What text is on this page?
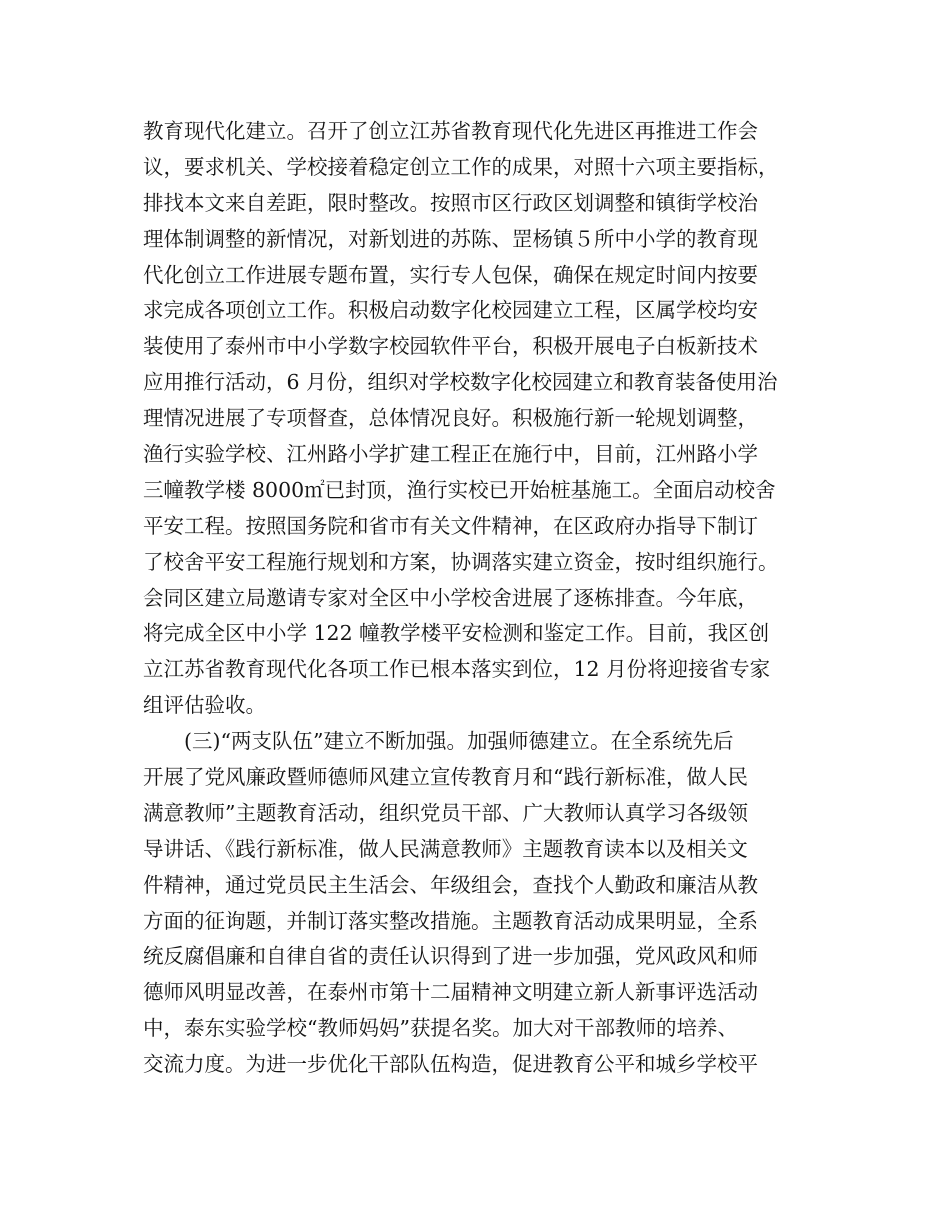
教育现代化建立。召开了创立江苏省教育现代化先进区再推进工作会
议，要求机关、学校接着稳定创立工作的成果，对照十六项主要指标，
排找本文来自差距，限时整改。按照市区行政区划调整和镇街学校治
理体制调整的新情况，对新划进的苏陈、罡杨镇５所中小学的教育现
代化创立工作进展专题布置，实行专人包保，确保在规定时间内按要
求完成各项创立工作。积极启动数字化校园建立工程，区属学校均安
装使用了泰州市中小学数字校园软件平台，积极开展电子白板新技术
应用推行活动，6 月份，组织对学校数字化校园建立和教育装备使用治
理情况进展了专项督查，总体情况良好。积极施行新一轮规划调整，
渔行实验学校、江州路小学扩建工程正在施行中，目前，江州路小学
三幢教学楼 8000㎡已封顶，渔行实校已开始桩基施工。全面启动校舍
平安工程。按照国务院和省市有关文件精神，在区政府办指导下制订
了校舍平安工程施行规划和方案，协调落实建立资金，按时组织施行。
会同区建立局邀请专家对全区中小学校舍进展了逐栋排查。今年底，
将完成全区中小学 122 幢教学楼平安检测和鉴定工作。目前，我区创
立江苏省教育现代化各项工作已根本落实到位，12 月份将迎接省专家
组评估验收。
(三)“两支队伍”建立不断加强。加强师德建立。在全系统先后
开展了党风廉政暨师德师风建立宣传教育月和“践行新标准，做人民
满意教师”主题教育活动，组织党员干部、广大教师认真学习各级领
导讲话、《践行新标准，做人民满意教师》主题教育读本以及相关文
件精神，通过党员民主生活会、年级组会，查找个人勤政和廉洁从教
方面的征询题，并制订落实整改措施。主题教育活动成果明显，全系
统反腐倡廉和自律自省的责任认识得到了进一步加强，党风政风和师
德师风明显改善，在泰州市第十二届精神文明建立新人新事评选活动
中，泰东实验学校“教师妈妈”获提名奖。加大对干部教师的培养、
交流力度。为进一步优化干部队伍构造，促进教育公平和城乡学校平
